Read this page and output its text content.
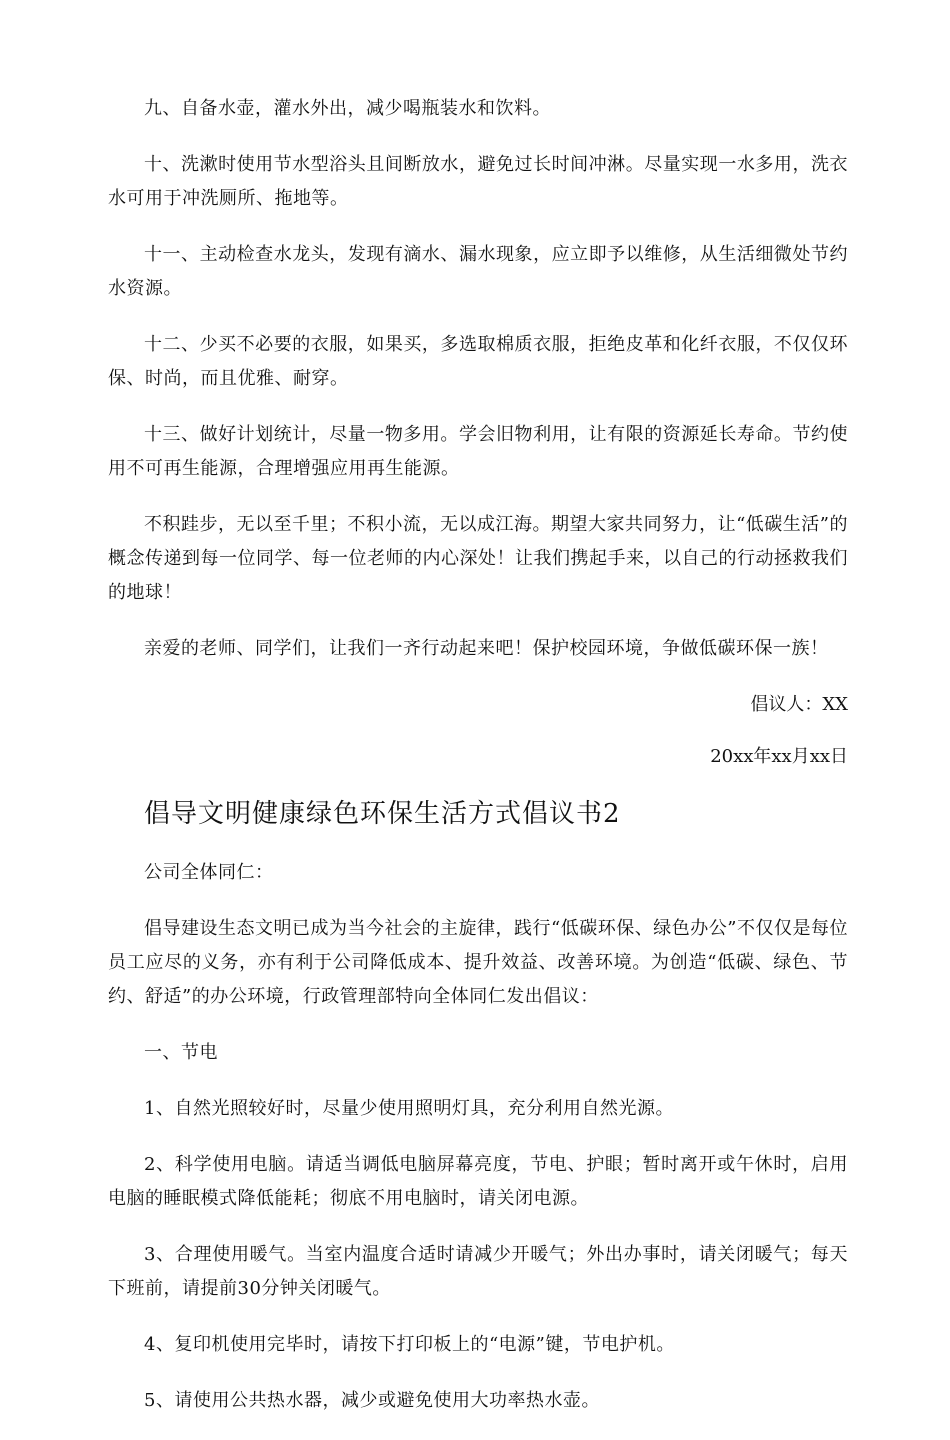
九、自备水壶，灌水外出，减少喝瓶装水和饮料。

十、洗漱时使用节水型浴头且间断放水，避免过长时间冲淋。尽量实现一水多用，洗衣水可用于冲洗厕所、拖地等。

十一、主动检查水龙头，发现有滴水、漏水现象，应立即予以维修，从生活细微处节约水资源。

十二、少买不必要的衣服，如果买，多选取棉质衣服，拒绝皮革和化纤衣服，不仅仅环保、时尚，而且优雅、耐穿。

十三、做好计划统计，尽量一物多用。学会旧物利用，让有限的资源延长寿命。节约使用不可再生能源，合理增强应用再生能源。

不积跬步，无以至千里；不积小流，无以成江海。期望大家共同努力，让“低碳生活”的概念传递到每一位同学、每一位老师的内心深处！让我们携起手来，以自己的行动拯救我们的地球！

亲爱的老师、同学们，让我们一齐行动起来吧！保护校园环境，争做低碳环保一族！

倡议人：XX

20xx年xx月xx日

倡导文明健康绿色环保生活方式倡议书2

公司全体同仁：

倡导建设生态文明已成为当今社会的主旋律，践行“低碳环保、绿色办公”不仅仅是每位员工应尽的义务，亦有利于公司降低成本、提升效益、改善环境。为创造“低碳、绿色、节约、舒适”的办公环境，行政管理部特向全体同仁发出倡议：

一、节电

1、自然光照较好时，尽量少使用照明灯具，充分利用自然光源。

2、科学使用电脑。请适当调低电脑屏幕亮度，节电、护眼；暂时离开或午休时，启用电脑的睡眠模式降低能耗；彻底不用电脑时，请关闭电源。

3、合理使用暖气。当室内温度合适时请减少开暖气；外出办事时，请关闭暖气；每天下班前，请提前30分钟关闭暖气。

4、复印机使用完毕时，请按下打印板上的“电源”键，节电护机。

5、请使用公共热水器，减少或避免使用大功率热水壶。
